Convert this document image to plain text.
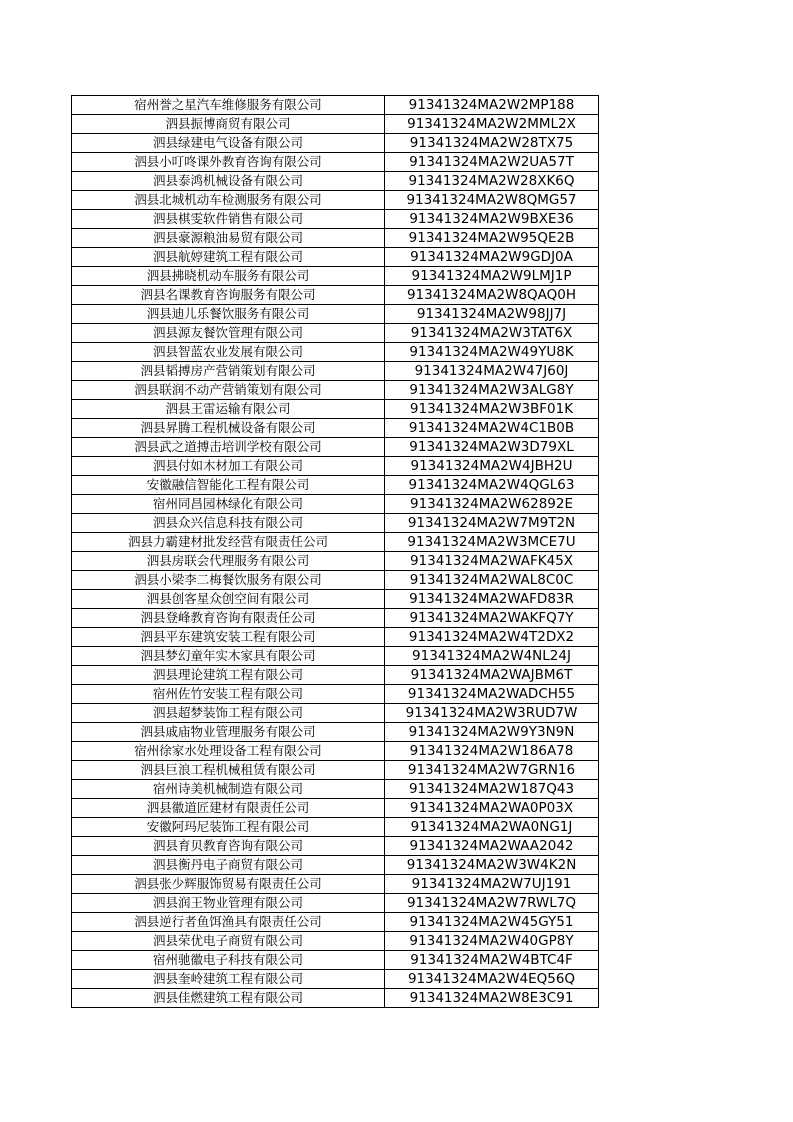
宿州誉之星汽车维修服务有限公司	91341324MA2W2MP188
泗县振博商贸有限公司	91341324MA2W2MML2X
泗县绿建电气设备有限公司	91341324MA2W28TX75
泗县小叮咚课外教育咨询有限公司	91341324MA2W2UA57T
泗县泰鸿机械设备有限公司	91341324MA2W28XK6Q
泗县北城机动车检测服务有限公司	91341324MA2W8QMG57
泗县棋雯软件销售有限公司	91341324MA2W9BXE36
泗县豪源粮油易贸有限公司	91341324MA2W95QE2B
泗县航婷建筑工程有限公司	91341324MA2W9GDJ0A
泗县拂晓机动车服务有限公司	91341324MA2W9LMJ1P
泗县名课教育咨询服务有限公司	91341324MA2W8QAQ0H
泗县迪儿乐餐饮服务有限公司	91341324MA2W98JJ7J
泗县源友餐饮管理有限公司	91341324MA2W3TAT6X
泗县智蓝农业发展有限公司	91341324MA2W49YU8K
泗县韬搏房产营销策划有限公司	91341324MA2W47J60J
泗县联润不动产营销策划有限公司	91341324MA2W3ALG8Y
泗县王雷运输有限公司	91341324MA2W3BF01K
泗县昇腾工程机械设备有限公司	91341324MA2W4C1B0B
泗县武之道搏击培训学校有限公司	91341324MA2W3D79XL
泗县付如木材加工有限公司	91341324MA2W4JBH2U
安徽融信智能化工程有限公司	91341324MA2W4QGL63
宿州同昌园林绿化有限公司	91341324MA2W62892E
泗县众兴信息科技有限公司	91341324MA2W7M9T2N
泗县力霸建材批发经营有限责任公司	91341324MA2W3MCE7U
泗县房联会代理服务有限公司	91341324MA2WAFK45X
泗县小梁李二梅餐饮服务有限公司	91341324MA2WAL8C0C
泗县创客星众创空间有限公司	91341324MA2WAFD83R
泗县登峰教育咨询有限责任公司	91341324MA2WAKFQ7Y
泗县平东建筑安装工程有限公司	91341324MA2W4T2DX2
泗县梦幻童年实木家具有限公司	91341324MA2W4NL24J
泗县理论建筑工程有限公司	91341324MA2WAJBM6T
宿州佐竹安装工程有限公司	91341324MA2WADCH55
泗县超梦装饰工程有限公司	91341324MA2W3RUD7W
泗县戚庙物业管理服务有限公司	91341324MA2W9Y3N9N
宿州徐家水处理设备工程有限公司	91341324MA2W186A78
泗县巨浪工程机械租赁有限公司	91341324MA2W7GRN16
宿州诗美机械制造有限公司	91341324MA2W187Q43
泗县徽道匠建材有限责任公司	91341324MA2WA0P03X
安徽阿玛尼装饰工程有限公司	91341324MA2WA0NG1J
泗县育贝教育咨询有限公司	91341324MA2WAA2042
泗县衡丹电子商贸有限公司	91341324MA2W3W4K2N
泗县张少辉服饰贸易有限责任公司	91341324MA2W7UJ191
泗县润王物业管理有限公司	91341324MA2W7RWL7Q
泗县逆行者鱼饵渔具有限责任公司	91341324MA2W45GY51
泗县荣优电子商贸有限公司	91341324MA2W40GP8Y
宿州驰徽电子科技有限公司	91341324MA2W4BTC4F
泗县奎岭建筑工程有限公司	91341324MA2W4EQ56Q
泗县佳燃建筑工程有限公司	91341324MA2W8E3C91
